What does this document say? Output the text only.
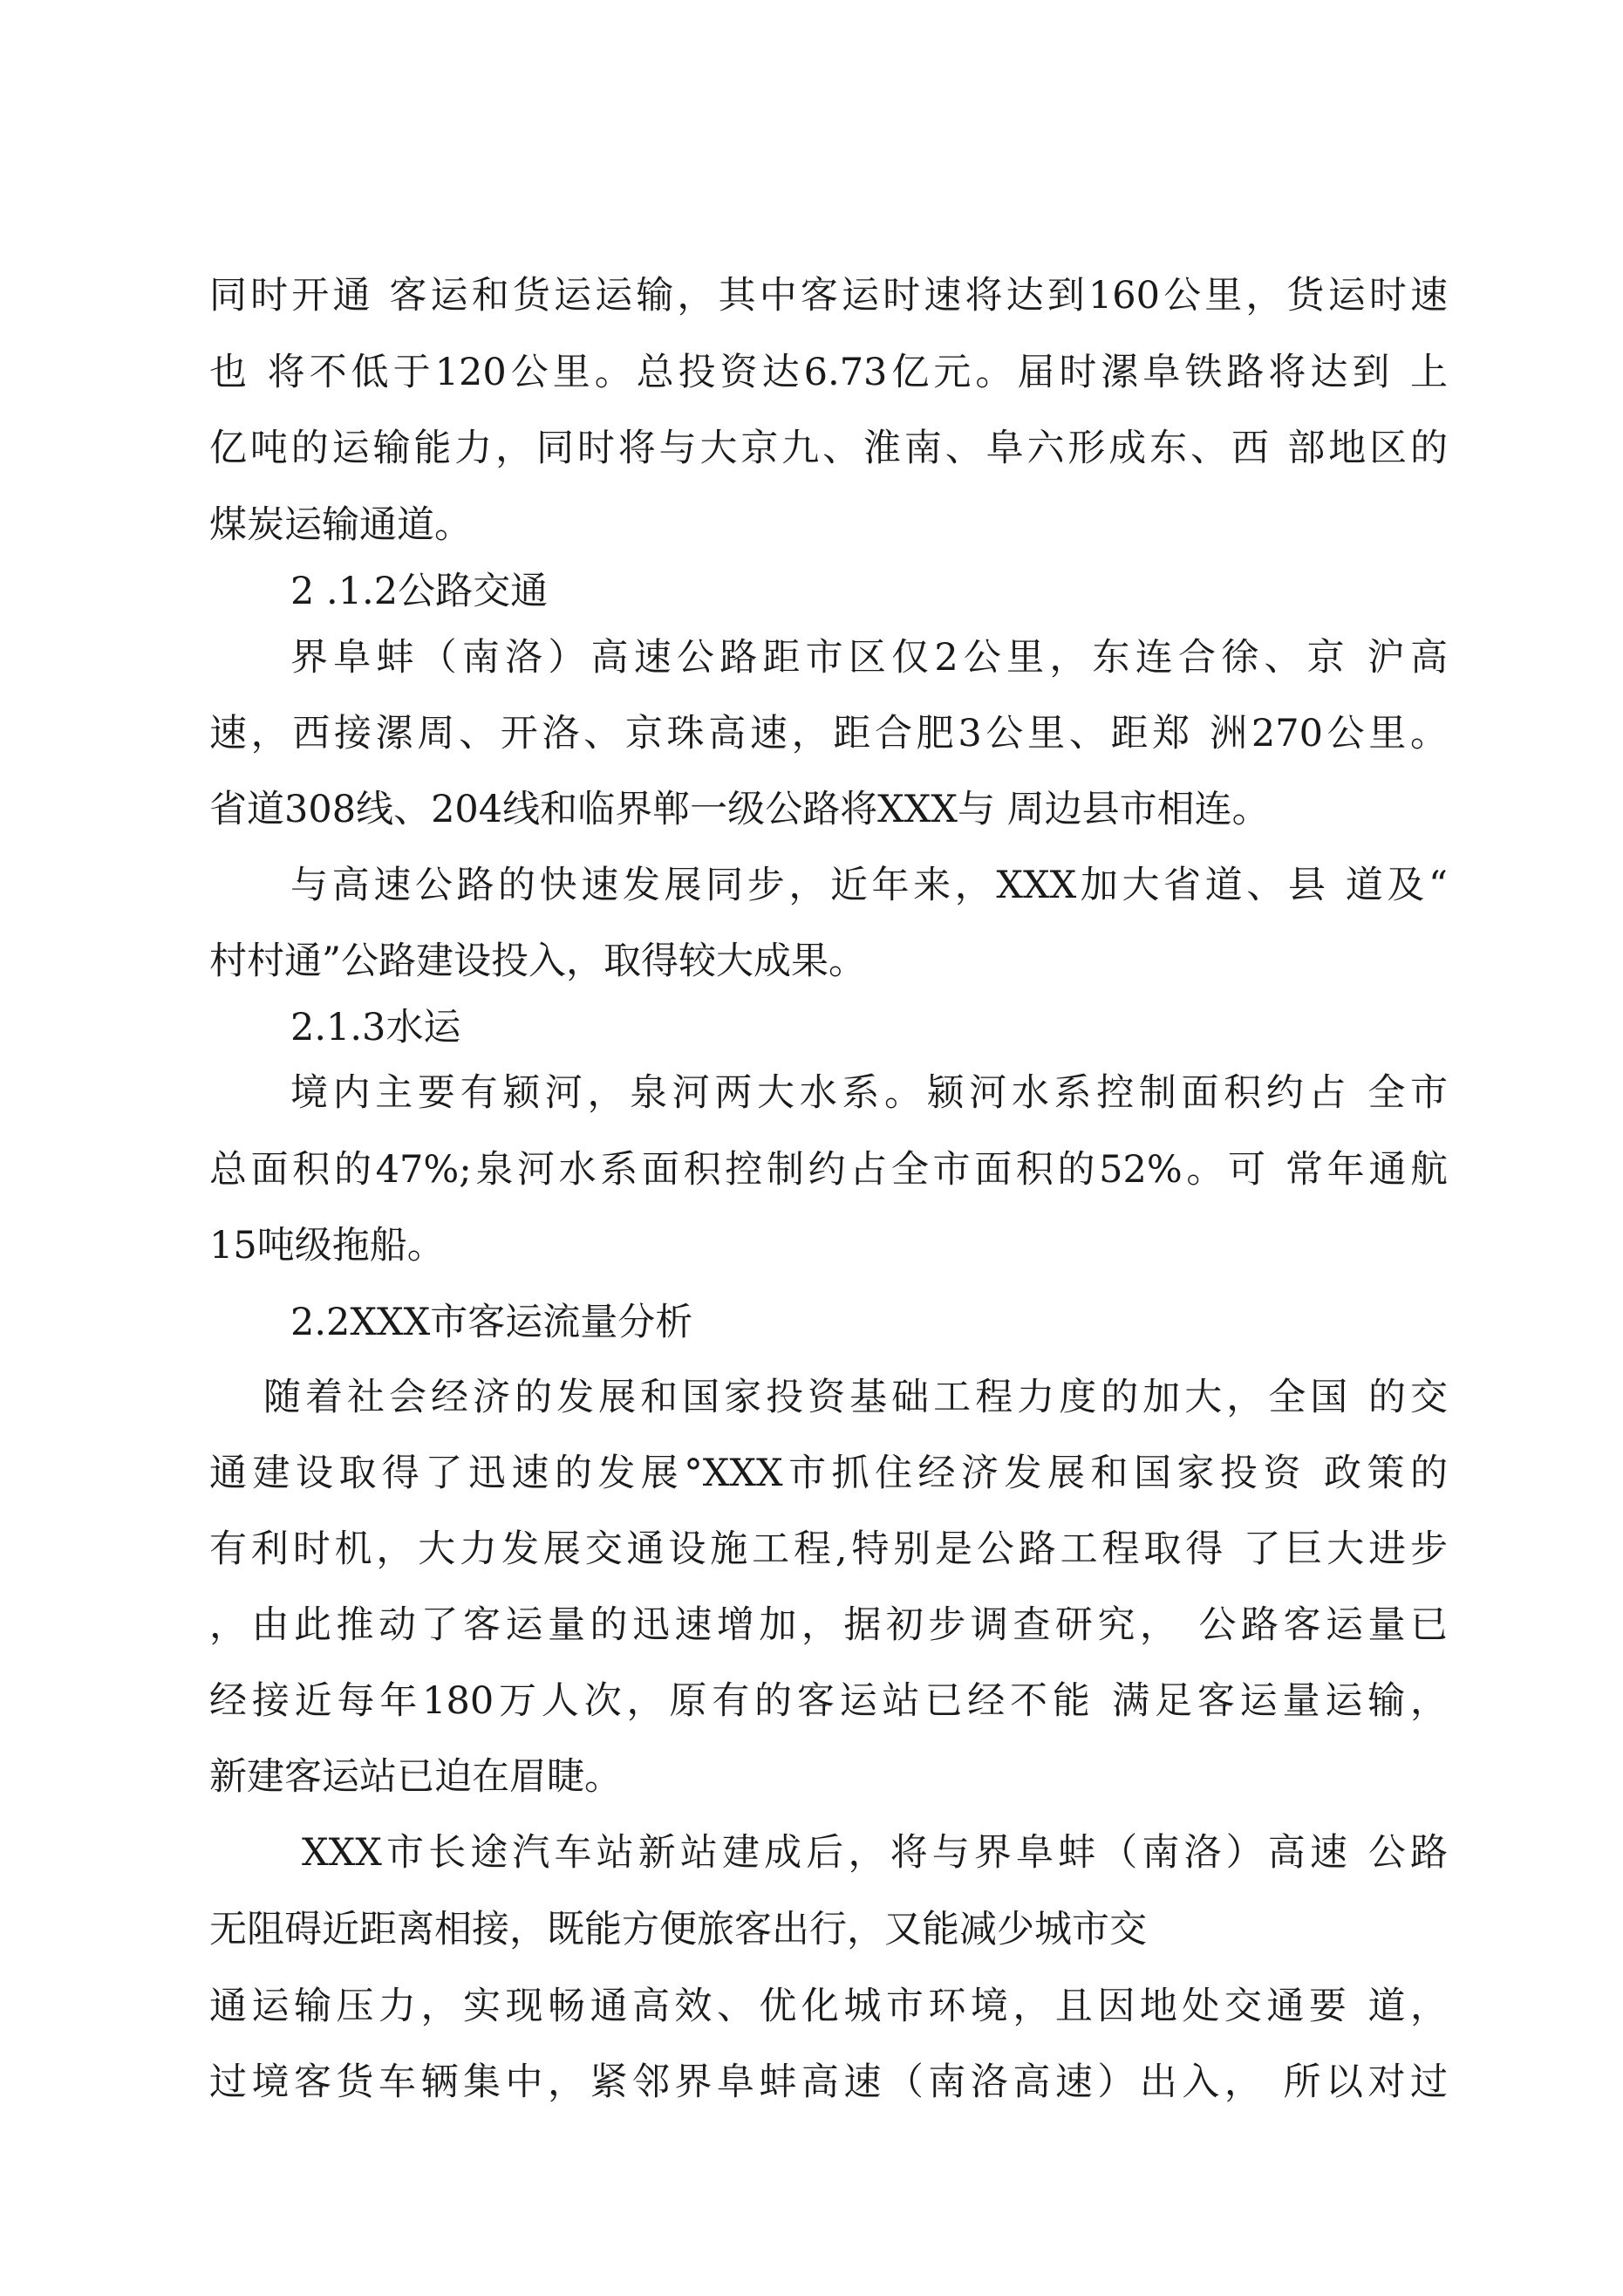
同时开通 客运和货运运输，其中客运时速将达到160公里，货运时速
也 将不低于120公里。总投资达6.73亿元。届时漯阜铁路将达到 上
亿吨的运输能力，同时将与大京九、淮南、阜六形成东、西 部地区的
煤炭运输通道。
2 .1.2公路交通
界阜蚌（南洛）高速公路距市区仅2公里，东连合徐、京 沪高
速，西接漯周、开洛、京珠高速，距合肥3公里、距郑 洲270公里。
省道308线、204线和临界郸一级公路将XXX与 周边县市相连。
与高速公路的快速发展同步，近年来，XXX加大省道、县 道及“
村村通”公路建设投入，取得较大成果。
2.1.3水运
境内主要有颍河，泉河两大水系。颍河水系控制面积约占 全市
总面积的47%;泉河水系面积控制约占全市面积的52%。可 常年通航
15吨级拖船。
2.2XXX市客运流量分析
随着社会经济的发展和国家投资基础工程力度的加大，全国 的交
通建设取得了迅速的发展°XXX市抓住经济发展和国家投资 政策的
有利时机，大力发展交通设施工程,特别是公路工程取得 了巨大进步
，由此推动了客运量的迅速增加，据初步调查研究， 公路客运量已
经接近每年180万人次，原有的客运站已经不能 满足客运量运输，
新建客运站已迫在眉睫。
XXX市长途汽车站新站建成后，将与界阜蚌（南洛）高速 公路
无阻碍近距离相接，既能方便旅客出行，又能减少城市交
通运输压力，实现畅通高效、优化城市环境，且因地处交通要 道，
过境客货车辆集中，紧邻界阜蚌高速（南洛高速）出入， 所以对过
